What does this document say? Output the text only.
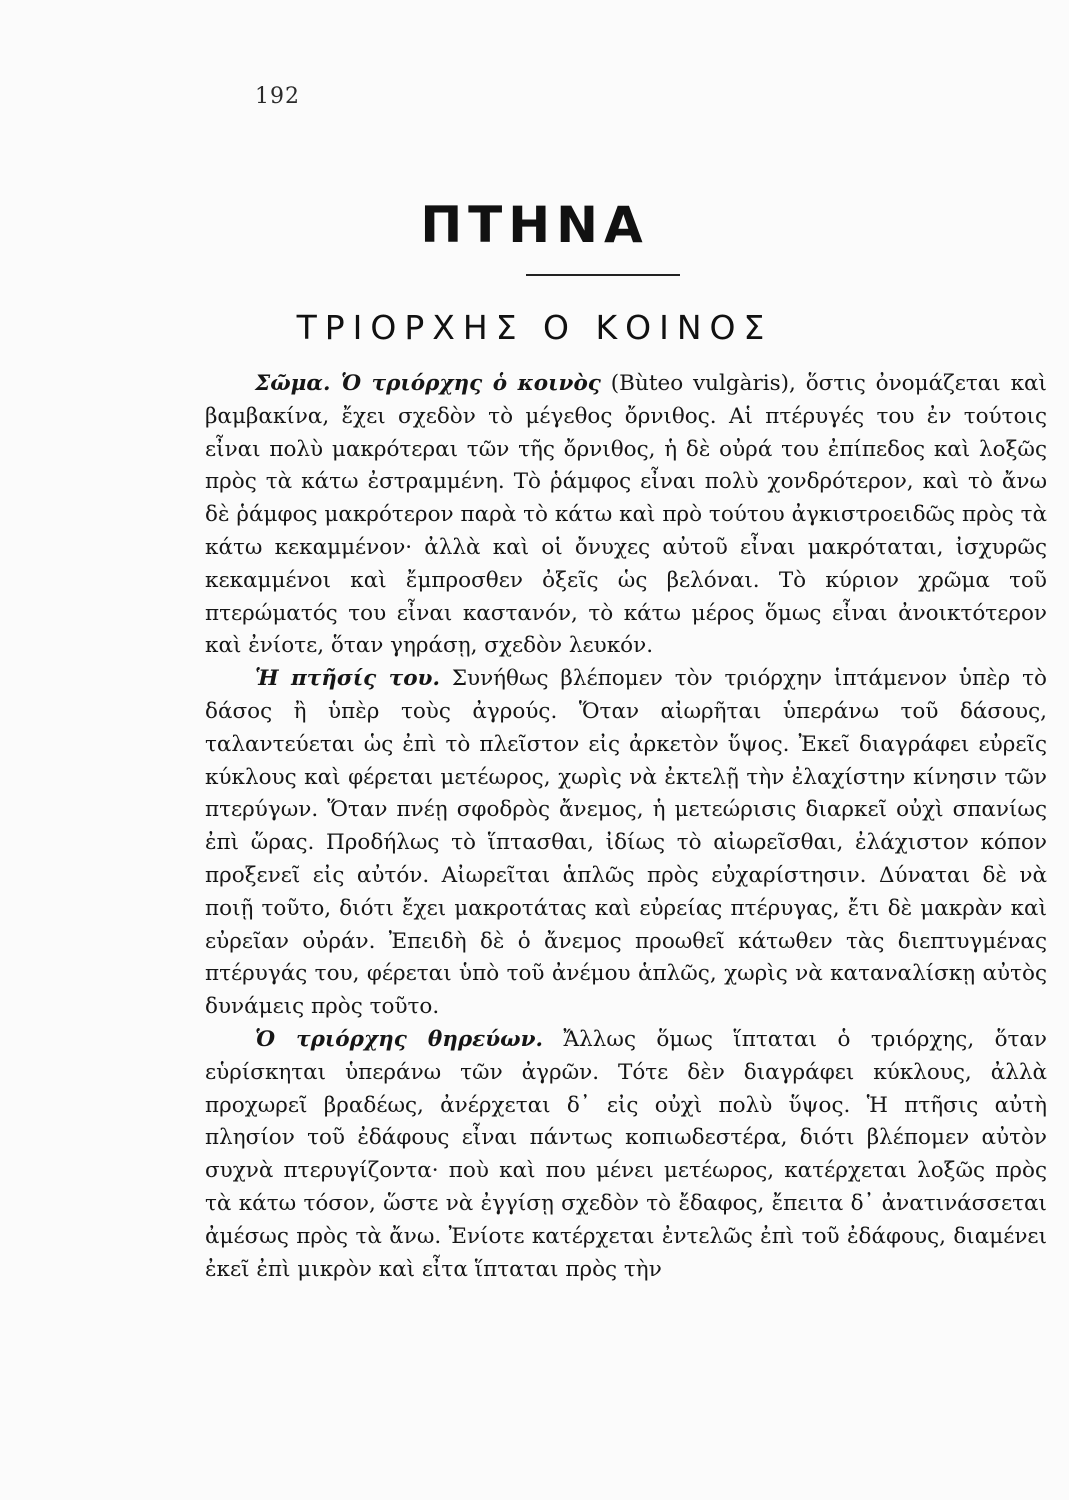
192
ΠΤΗΝΑ
ΤΡΙΟΡΧΗΣ Ο ΚΟΙΝΟΣ

Σῶμα. Ὁ τριόρχης ὁ κοινὸς (Bùteo vulgàris), ὅστις ὀνομάζεται καὶ βαμβακίνα, ἔχει σχεδὸν τὸ μέγεθος ὄρνιθος. Αἱ πτέρυγές του ἐν τούτοις εἶναι πολὺ μακρότεραι τῶν τῆς ὄρνιθος, ἡ δὲ οὐρά του ἐπίπεδος καὶ λοξῶς πρὸς τὰ κάτω ἐστραμμένη. Τὸ ῥάμφος εἶναι πολὺ χονδρότερον, καὶ τὸ ἄνω δὲ ῥάμφος μακρότερον παρὰ τὸ κάτω καὶ πρὸ τούτου ἀγκιστροειδῶς πρὸς τὰ κάτω κεκαμμένον· ἀλλὰ καὶ οἱ ὄνυχες αὐτοῦ εἶναι μακρόταται, ἰσχυρῶς κεκαμμένοι καὶ ἔμπροσθεν ὀξεῖς ὡς βελόναι. Τὸ κύριον χρῶμα τοῦ πτερώματός του εἶναι καστανόν, τὸ κάτω μέρος ὅμως εἶναι ἀνοικτότερον καὶ ἐνίοτε, ὅταν γηράσῃ, σχεδὸν λευκόν.

Ἡ πτῆσίς του. Συνήθως βλέπομεν τὸν τριόρχην ἱπτάμενον ὑπὲρ τὸ δάσος ἢ ὑπὲρ τοὺς ἀγρούς. Ὅταν αἰωρῆται ὑπεράνω τοῦ δάσους, ταλαντεύεται ὡς ἐπὶ τὸ πλεῖστον εἰς ἀρκετὸν ὕψος. Ἐκεῖ διαγράφει εὐρεῖς κύκλους καὶ φέρεται μετέωρος, χωρὶς νὰ ἐκτελῇ τὴν ἐλαχίστην κίνησιν τῶν πτερύγων. Ὅταν πνέῃ σφοδρὸς ἄνεμος, ἡ μετεώρισις διαρκεῖ οὐχὶ σπανίως ἐπὶ ὥρας. Προδήλως τὸ ἵπτασθαι, ἰδίως τὸ αἰωρεῖσθαι, ἐλάχιστον κόπον προξενεῖ εἰς αὐτόν. Αἰωρεῖται ἁπλῶς πρὸς εὐχαρίστησιν. Δύναται δὲ νὰ ποιῇ τοῦτο, διότι ἔχει μακροτάτας καὶ εὐρείας πτέρυγας, ἔτι δὲ μακρὰν καὶ εὐρεῖαν οὐράν. Ἐπειδὴ δὲ ὁ ἄνεμος προωθεῖ κάτωθεν τὰς διεπτυγμένας πτέρυγάς του, φέρεται ὑπὸ τοῦ ἀνέμου ἁπλῶς, χωρὶς νὰ καταναλίσκῃ αὐτὸς δυνάμεις πρὸς τοῦτο.

Ὁ τριόρχης θηρεύων. Ἄλλως ὅμως ἵπταται ὁ τριόρχης, ὅταν εὑρίσκηται ὑπεράνω τῶν ἀγρῶν. Τότε δὲν διαγράφει κύκλους, ἀλλὰ προχωρεῖ βραδέως, ἀνέρχεται δ᾿ εἰς οὐχὶ πολὺ ὕψος. Ἡ πτῆσις αὐτὴ πλησίον τοῦ ἐδάφους εἶναι πάντως κοπιωδεστέρα, διότι βλέπομεν αὐτὸν συχνὰ πτερυγίζοντα· ποὺ καὶ που μένει μετέωρος, κατέρχεται λοξῶς πρὸς τὰ κάτω τόσον, ὥστε νὰ ἐγγίσῃ σχεδὸν τὸ ἔδαφος, ἔπειτα δ᾿ ἀνατινάσσεται ἀμέσως πρὸς τὰ ἄνω. Ἐνίοτε κατέρχεται ἐντελῶς ἐπὶ τοῦ ἐδάφους, διαμένει ἐκεῖ ἐπὶ μικρὸν καὶ εἶτα ἵπταται πρὸς τὴν
